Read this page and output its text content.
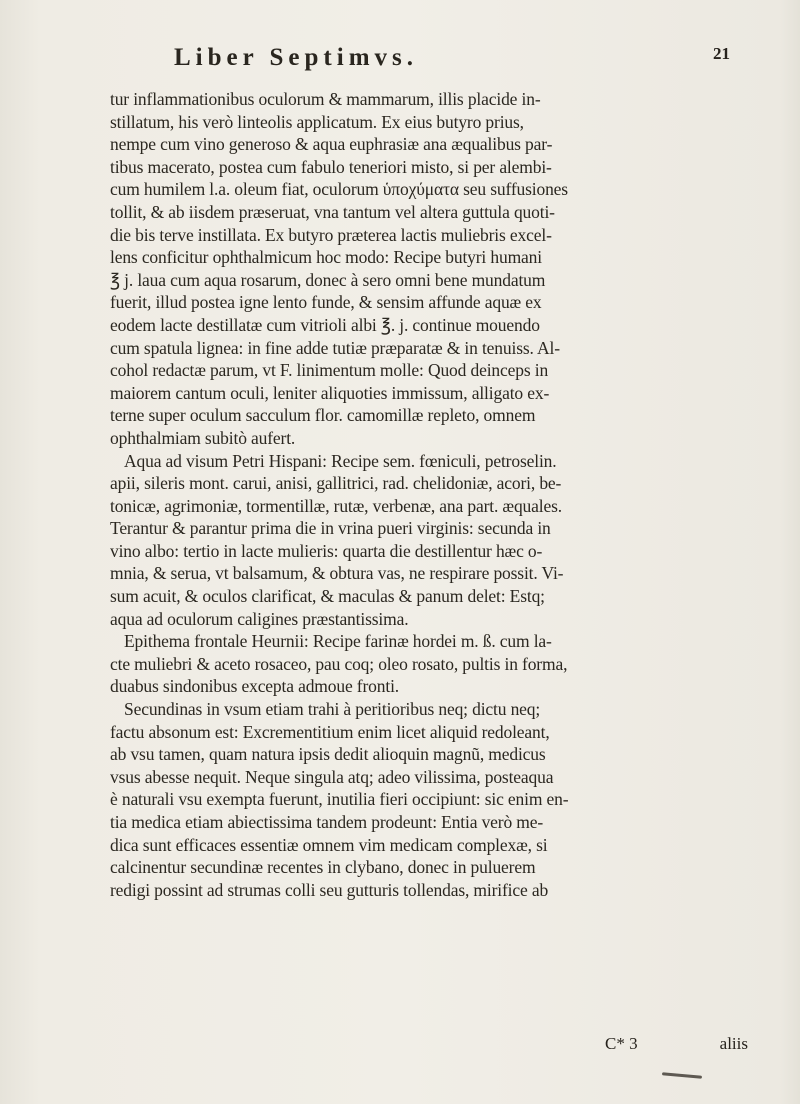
Liber Septimvs.	21
tur inflammationibus oculorum & mammarum, illis placide in-
stillatum, his verò linteolis applicatum. Ex eius butyro prius,
nempe cum vino generoso & aqua euphrasiæ ana æqualibus par-
tibus macerato, postea cum fabulo teneriori misto, si per alembi-
cum humilem l.a. oleum fiat, oculorum ὑποχύματα seu suffusiones
tollit, & ab iisdem præseruat, vna tantum vel altera guttula quoti-
die bis terve instillata. Ex butyro præterea lactis muliebris excel-
lens conficitur ophthalmicum hoc modo: Recipe butyri humani
℥ j. laua cum aqua rosarum, donec à sero omni bene mundatum
fuerit, illud postea igne lento funde, & sensim affunde aquæ ex
eodem lacte destillatæ cum vitrioli albi ℥. j. continue mouendo
cum spatula lignea: in fine adde tutiæ præparatæ & in tenuiss. Al-
cohol redactæ parum, vt F. linimentum molle: Quod deinceps in
maiorem cantum oculi, leniter aliquoties immissum, alligato ex-
terne super oculum sacculum flor. camomillæ repleto, omnem
ophthalmiam subitò aufert.
Aqua ad visum Petri Hispani: Recipe sem. fœniculi, petroselin.
apii, sileris mont. carui, anisi, gallitrici, rad. chelidoniæ, acori, be-
tonicæ, agrimoniæ, tormentillæ, rutæ, verbenæ, ana part. æquales.
Terantur & parantur prima die in vrina pueri virginis: secunda in
vino albo: tertio in lacte mulieris: quarta die destillentur hæc o-
mnia, & serua, vt balsamum, & obtura vas, ne respirare possit. Vi-
sum acuit, & oculos clarificat, & maculas & panum delet: Estq;
aqua ad oculorum caligines præstantissima.
Epithema frontale Heurnii: Recipe farinæ hordei m. ß. cum la-
cte muliebri & aceto rosaceo, pau coq; oleo rosato, pultis in forma,
duabus sindonibus excepta admoue fronti.
Secundinas in vsum etiam trahi à peritioribus neq; dictu neq;
factu absonum est: Excrementitium enim licet aliquid redoleant,
ab vsu tamen, quam natura ipsis dedit alioquin magnũ, medicus
vsus abesse nequit. Neque singula atq; adeo vilissima, posteaqua
è naturali vsu exempta fuerunt, inutilia fieri occipiunt: sic enim en-
tia medica etiam abiectissima tandem prodeunt: Entia verò me-
dica sunt efficaces essentiæ omnem vim medicam complexæ, si
calcinentur secundinæ recentes in clybano, donec in puluerem
redigi possint ad strumas colli seu gutturis tollendas, mirifice ab
C* 3	aliis
